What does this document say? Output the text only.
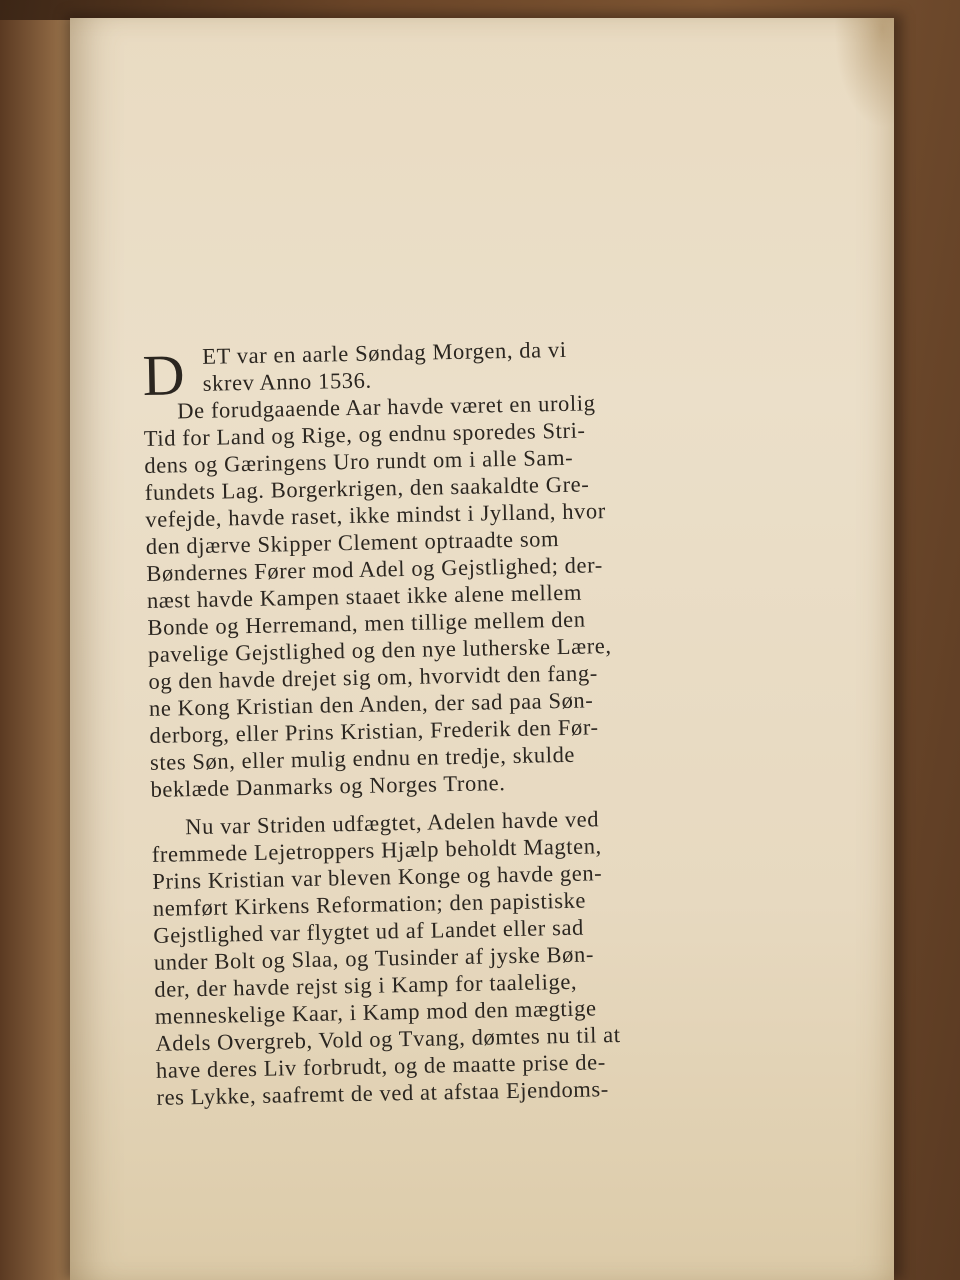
D ET var en aarle Søndag Morgen, da vi
skrev Anno 1536.
De forudgaaende Aar havde været en urolig
Tid for Land og Rige, og endnu sporedes Stri-
dens og Gæringens Uro rundt om i alle Sam-
fundets Lag. Borgerkrigen, den saakaldte Gre-
vefejde, havde raset, ikke mindst i Jylland, hvor
den djærve Skipper Clement optraadte som
Bøndernes Fører mod Adel og Gejstlighed; der-
næst havde Kampen staaet ikke alene mellem
Bonde og Herremand, men tillige mellem den
pavelige Gejstlighed og den nye lutherske Lære,
og den havde drejet sig om, hvorvidt den fang-
ne Kong Kristian den Anden, der sad paa Søn-
derborg, eller Prins Kristian, Frederik den Før-
stes Søn, eller mulig endnu en tredje, skulde
beklæde Danmarks og Norges Trone.
Nu var Striden udfægtet, Adelen havde ved
fremmede Lejetroppers Hjælp beholdt Magten,
Prins Kristian var bleven Konge og havde gen-
nemført Kirkens Reformation; den papistiske
Gejstlighed var flygtet ud af Landet eller sad
under Bolt og Slaa, og Tusinder af jyske Bøn-
der, der havde rejst sig i Kamp for taalelige,
menneskelige Kaar, i Kamp mod den mægtige
Adels Overgreb, Vold og Tvang, dømtes nu til at
have deres Liv forbrudt, og de maatte prise de-
res Lykke, saafremt de ved at afstaa Ejendoms-
